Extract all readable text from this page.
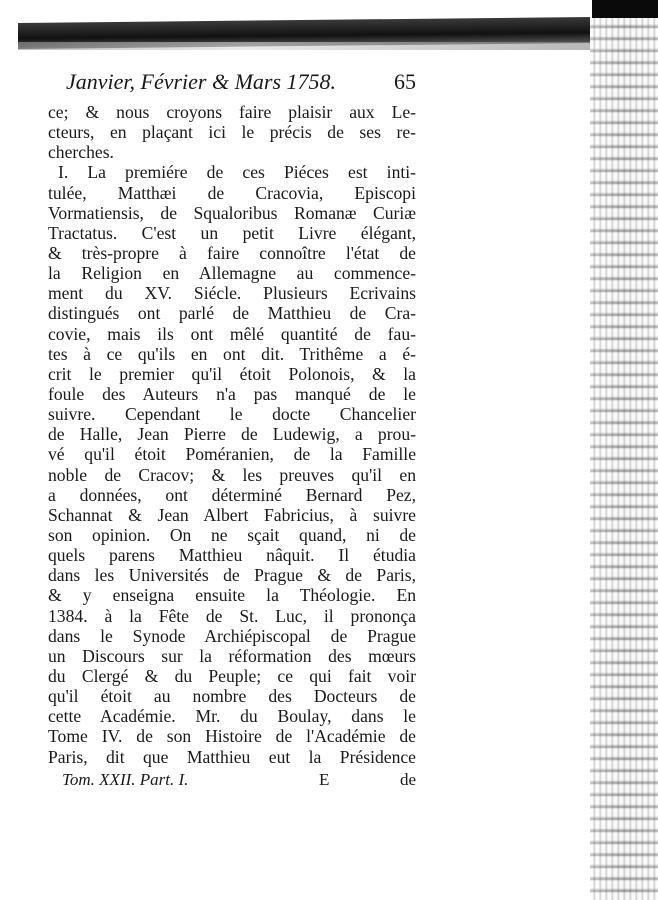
Janvier, Février & Mars 1758.	65
ce; & nous croyons faire plaisir aux Le-
cteurs, en plaçant ici le précis de ses re-
cherches.
I. La premiére de ces Piéces est inti-
tulée, Matthæi de Cracovia, Episcopi
Vormatiensis, de Squaloribus Romanæ Curiæ
Tractatus. C'est un petit Livre élégant,
& très-propre à faire connoître l'état de
la Religion en Allemagne au commence-
ment du XV. Siécle. Plusieurs Ecrivains
distingués ont parlé de Matthieu de Cra-
covie, mais ils ont mêlé quantité de fau-
tes à ce qu'ils en ont dit. Trithême a é-
crit le premier qu'il étoit Polonois, & la
foule des Auteurs n'a pas manqué de le
suivre. Cependant le docte Chancelier
de Halle, Jean Pierre de Ludewig, a prou-
vé qu'il étoit Poméranien, de la Famille
noble de Cracov; & les preuves qu'il en
a données, ont déterminé Bernard Pez,
Schannat & Jean Albert Fabricius, à suivre
son opinion. On ne sçait quand, ni de
quels parens Matthieu nâquit. Il étudia
dans les Universités de Prague & de Paris,
& y enseigna ensuite la Théologie. En
1384. à la Fête de St. Luc, il prononça
dans le Synode Archiépiscopal de Prague
un Discours sur la réformation des mœurs
du Clergé & du Peuple; ce qui fait voir
qu'il étoit au nombre des Docteurs de
cette Académie. Mr. du Boulay, dans le
Tome IV. de son Histoire de l'Académie de
Paris, dit que Matthieu eut la Présidence
Tom. XXII. Part. I.	E	de
